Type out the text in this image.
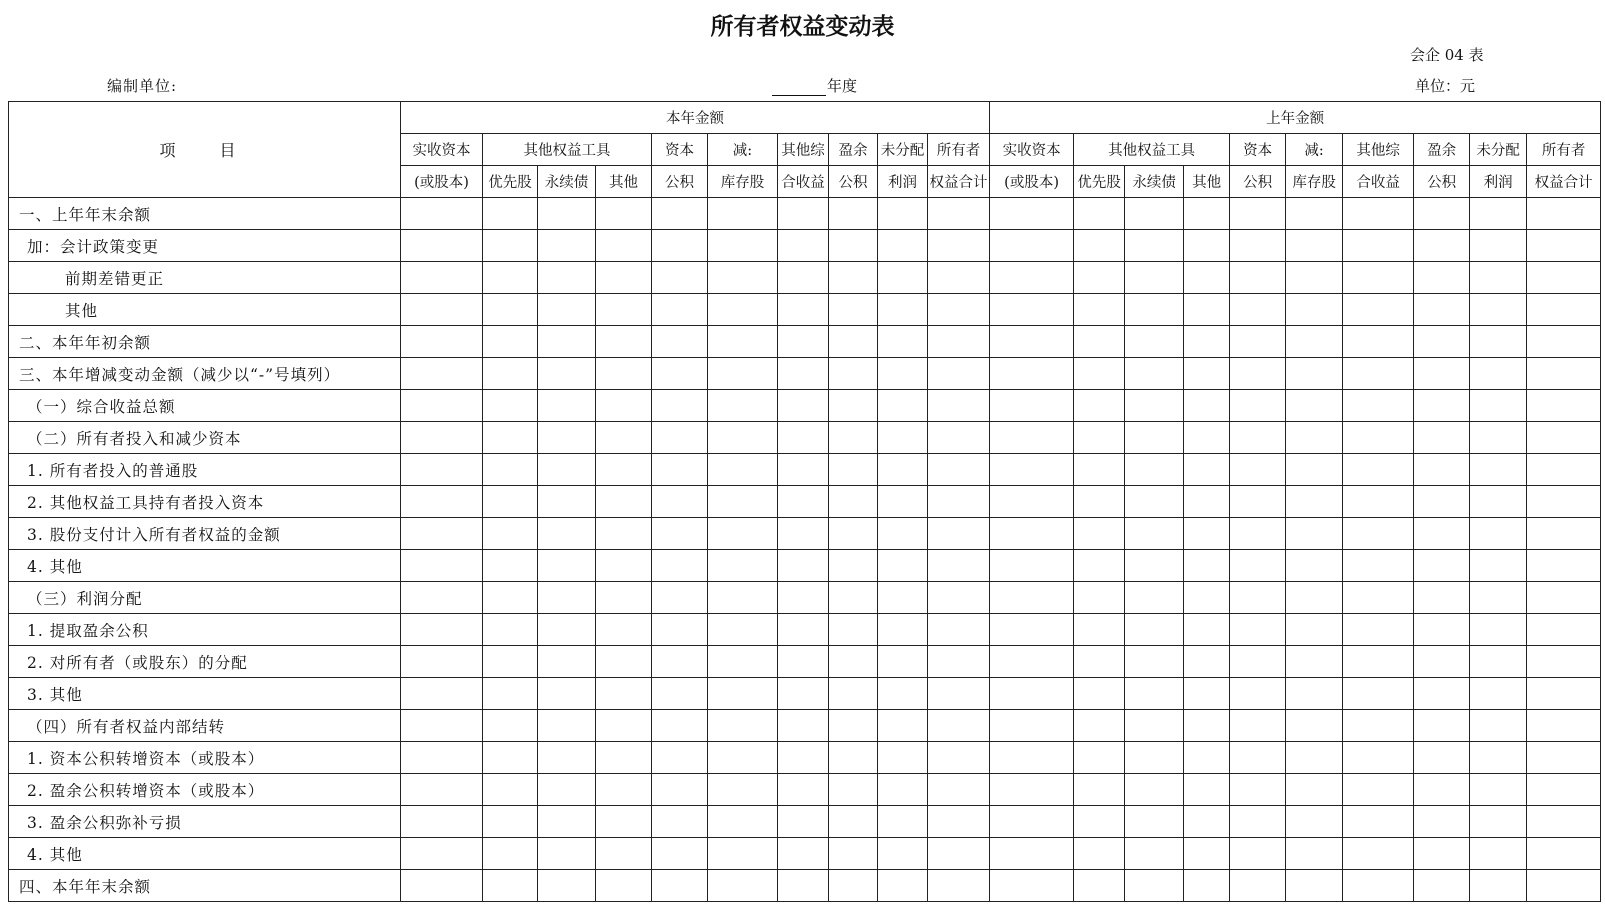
所有者权益变动表
会企 04 表
编制单位:	年度	单位：元
项　目	本年金额										上年金额									
	实收资本	其他权益工具			资本	减:	其他综	盈余	未分配	所有者	实收资本	其他权益工具			资本	减:	其他综	盈余	未分配	所有者
	(或股本)	优先股	永续债	其他	公积	库存股	合收益	公积	利润	权益合计	(或股本)	优先股	永续债	其他	公积	库存股	合收益	公积	利润	权益合计
一、上年年末余额																				
加：会计政策变更																				
前期差错更正																				
其他																				
二、本年年初余额																				
三、本年增减变动金额（减少以“-”号填列）																				
（一）综合收益总额																				
（二）所有者投入和减少资本																				
1. 所有者投入的普通股																				
2. 其他权益工具持有者投入资本																				
3. 股份支付计入所有者权益的金额																				
4. 其他																				
（三）利润分配																				
1. 提取盈余公积																				
2. 对所有者（或股东）的分配																				
3. 其他																				
（四）所有者权益内部结转																				
1. 资本公积转增资本（或股本）																				
2. 盈余公积转增资本（或股本）																				
3. 盈余公积弥补亏损																				
4. 其他																				
四、本年年末余额																				
